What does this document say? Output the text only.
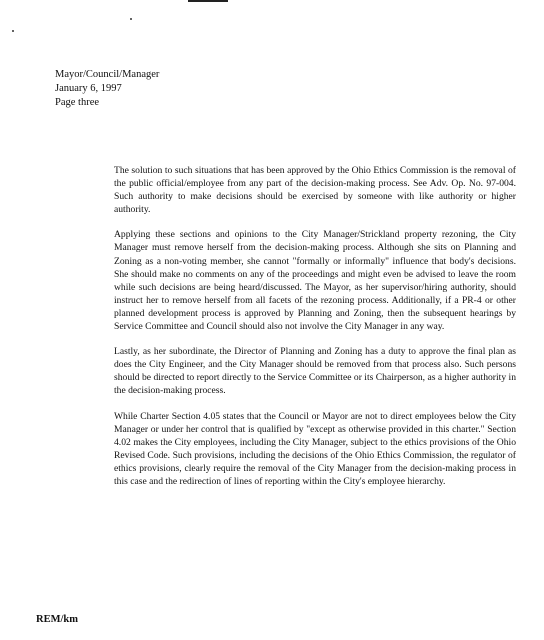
Mayor/Council/Manager
January 6, 1997
Page three

The solution to such situations that has been approved by the Ohio Ethics Commission is the removal of the public official/employee from any part of the decision-making process. See Adv. Op. No. 97-004. Such authority to make decisions should be exercised by someone with like authority or higher authority.

Applying these sections and opinions to the City Manager/Strickland property rezoning, the City Manager must remove herself from the decision-making process. Although she sits on Planning and Zoning as a non-voting member, she cannot "formally or informally" influence that body's decisions. She should make no comments on any of the proceedings and might even be advised to leave the room while such decisions are being heard/discussed. The Mayor, as her supervisor/hiring authority, should instruct her to remove herself from all facets of the rezoning process. Additionally, if a PR-4 or other planned development process is approved by Planning and Zoning, then the subsequent hearings by Service Committee and Council should also not involve the City Manager in any way.

Lastly, as her subordinate, the Director of Planning and Zoning has a duty to approve the final plan as does the City Engineer, and the City Manager should be removed from that process also. Such persons should be directed to report directly to the Service Committee or its Chairperson, as a higher authority in the decision-making process.

While Charter Section 4.05 states that the Council or Mayor are not to direct employees below the City Manager or under her control that is qualified by "except as otherwise provided in this charter." Section 4.02 makes the City employees, including the City Manager, subject to the ethics provisions of the Ohio Revised Code. Such provisions, including the decisions of the Ohio Ethics Commission, the regulator of ethics provisions, clearly require the removal of the City Manager from the decision-making process in this case and the redirection of lines of reporting within the City's employee hierarchy.

REM/km
